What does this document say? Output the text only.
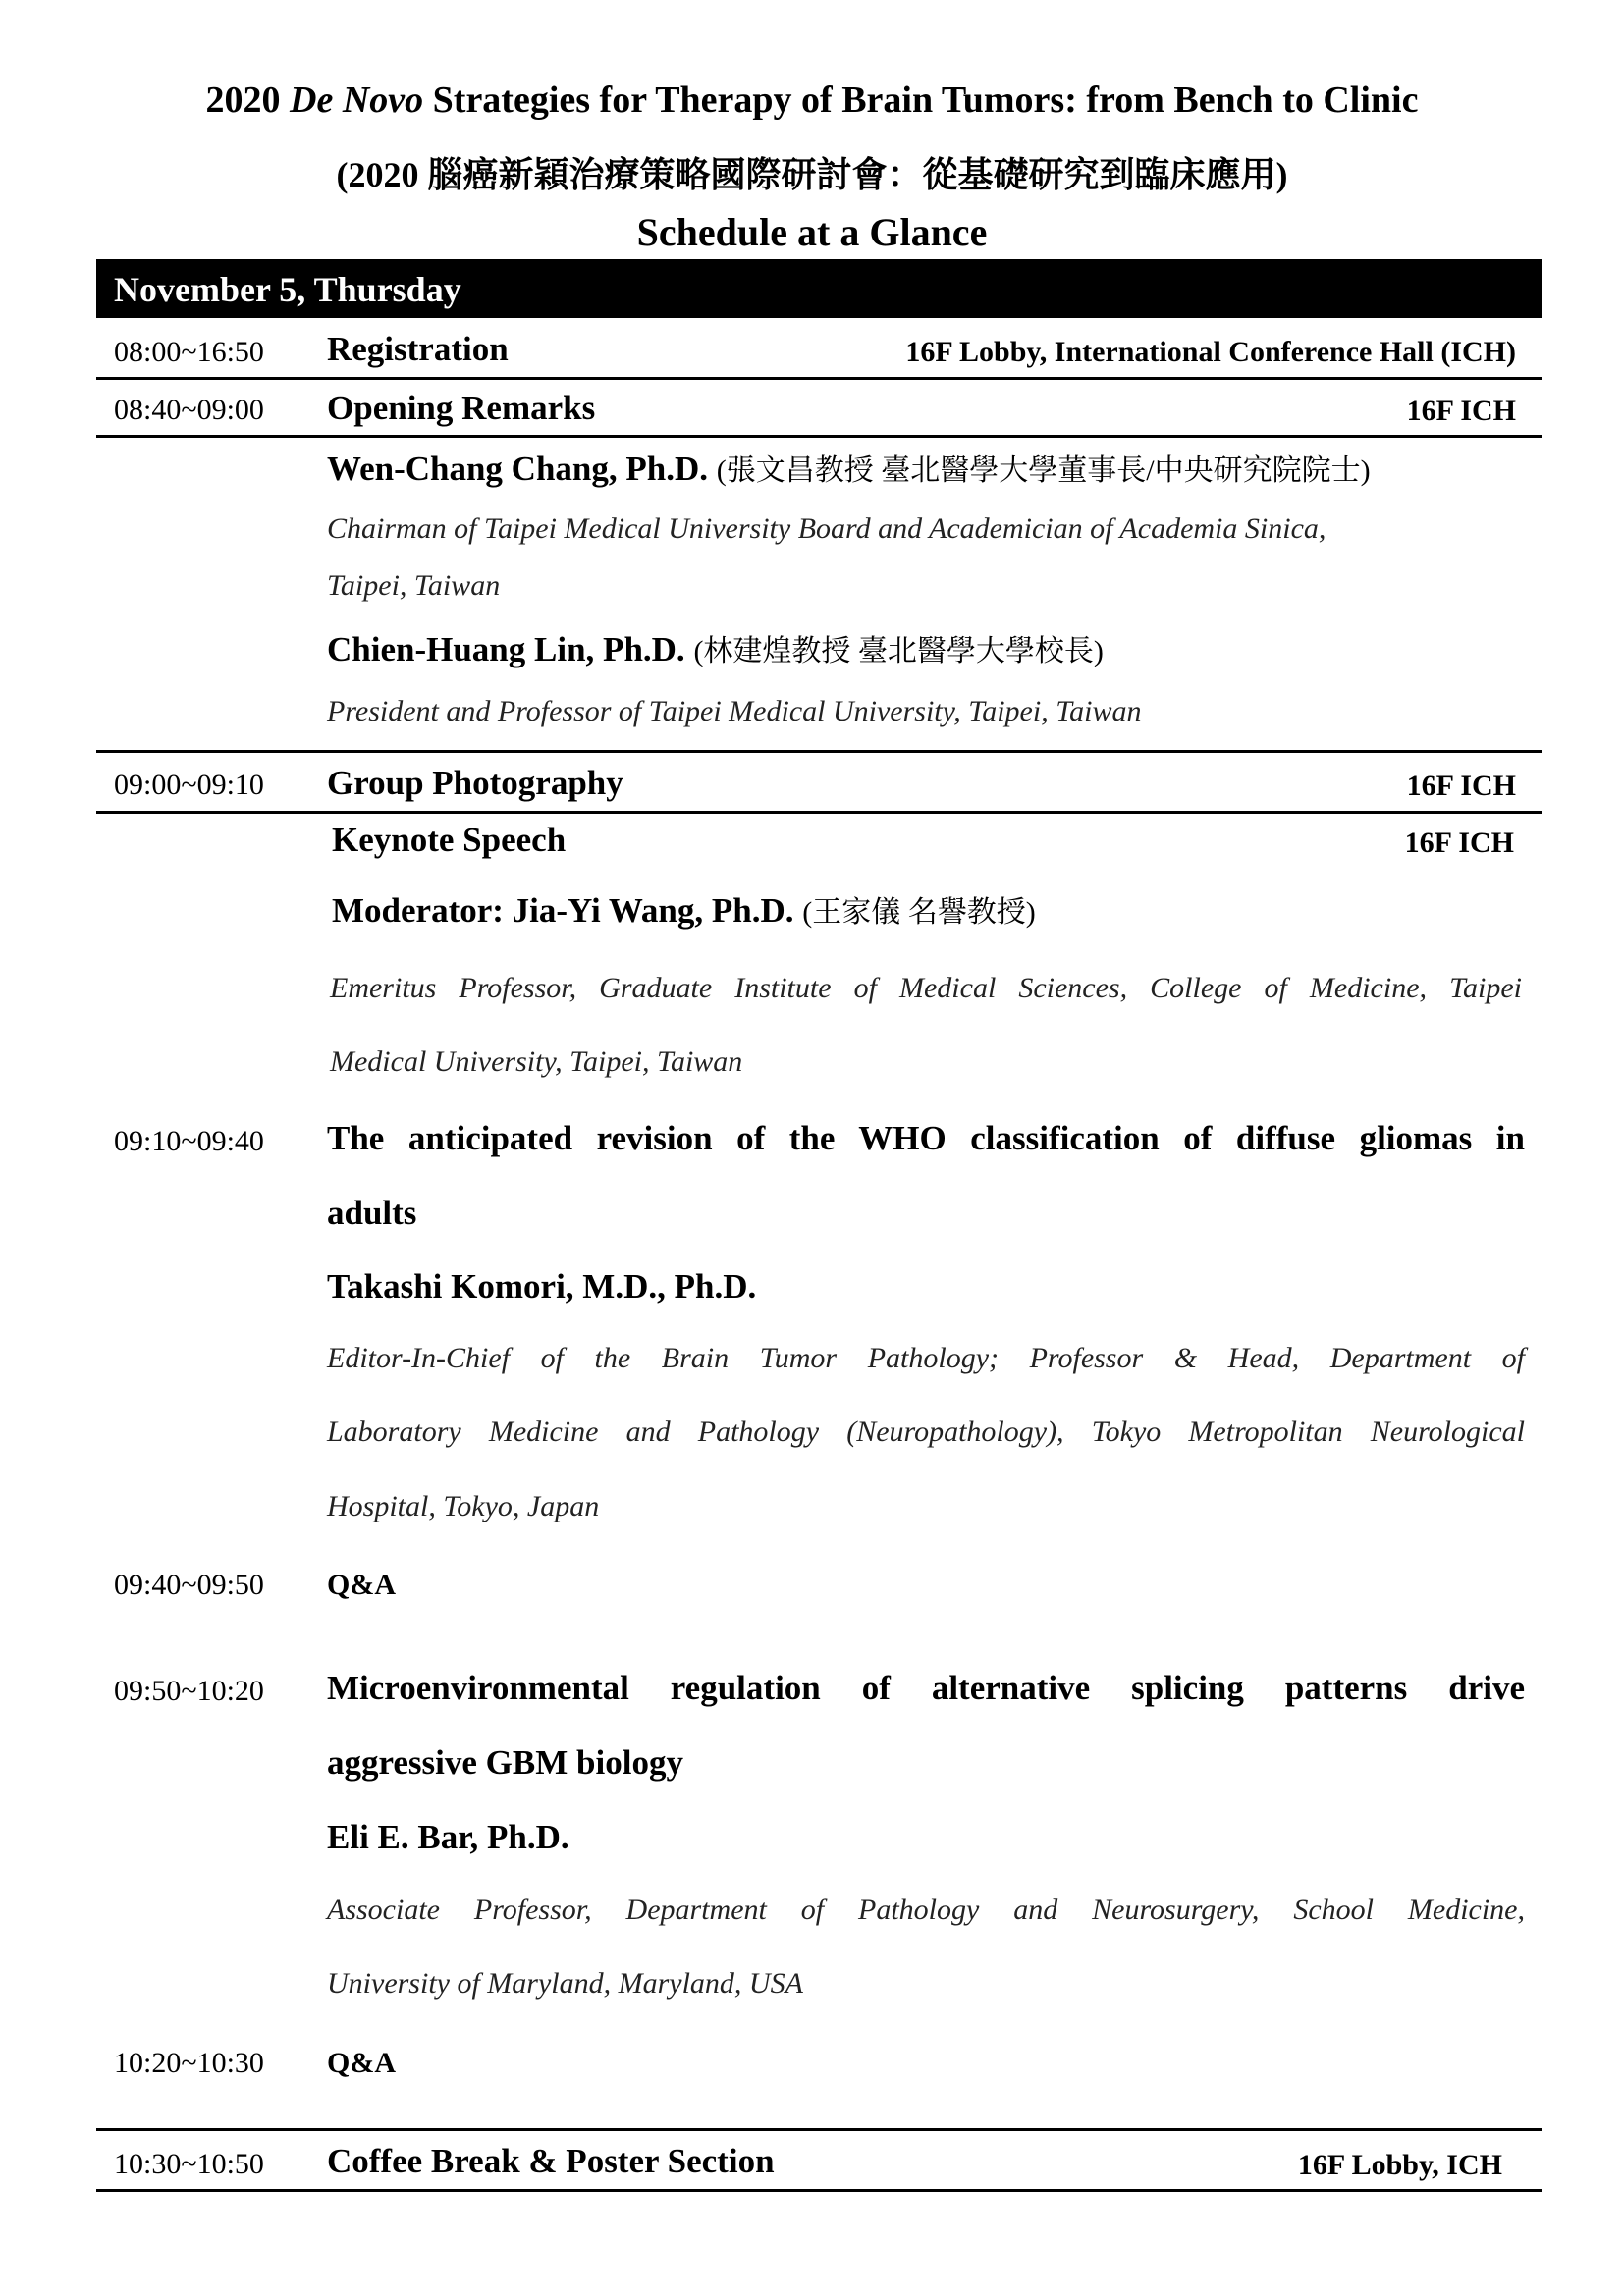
2020 De Novo Strategies for Therapy of Brain Tumors: from Bench to Clinic
(2020 腦癌新穎治療策略國際研討會：從基礎研究到臨床應用)
Schedule at a Glance
November 5, Thursday
08:00~16:50 Registration	16F Lobby, International Conference Hall (ICH)
08:40~09:00 Opening Remarks	16F ICH
Wen-Chang Chang, Ph.D. (張文昌教授 臺北醫學大學董事長/中央研究院院士)
Chairman of Taipei Medical University Board and Academician of Academia Sinica,
Taipei, Taiwan
Chien-Huang Lin, Ph.D. (林建煌教授 臺北醫學大學校長)
President and Professor of Taipei Medical University, Taipei, Taiwan
09:00~09:10 Group Photography	16F ICH
Keynote Speech	16F ICH
Moderator: Jia-Yi Wang, Ph.D. (王家儀 名譽教授)
Emeritus Professor, Graduate Institute of Medical Sciences, College of Medicine, Taipei
Medical University, Taipei, Taiwan
09:10~09:40 The anticipated revision of the WHO classification of diffuse gliomas in
adults
Takashi Komori, M.D., Ph.D.
Editor-In-Chief of the Brain Tumor Pathology; Professor & Head, Department of
Laboratory Medicine and Pathology (Neuropathology), Tokyo Metropolitan Neurological
Hospital, Tokyo, Japan
09:40~09:50 Q&A
09:50~10:20 Microenvironmental regulation of alternative splicing patterns drive
aggressive GBM biology
Eli E. Bar, Ph.D.
Associate Professor, Department of Pathology and Neurosurgery, School Medicine,
University of Maryland, Maryland, USA
10:20~10:30 Q&A
10:30~10:50 Coffee Break & Poster Section	16F Lobby, ICH
